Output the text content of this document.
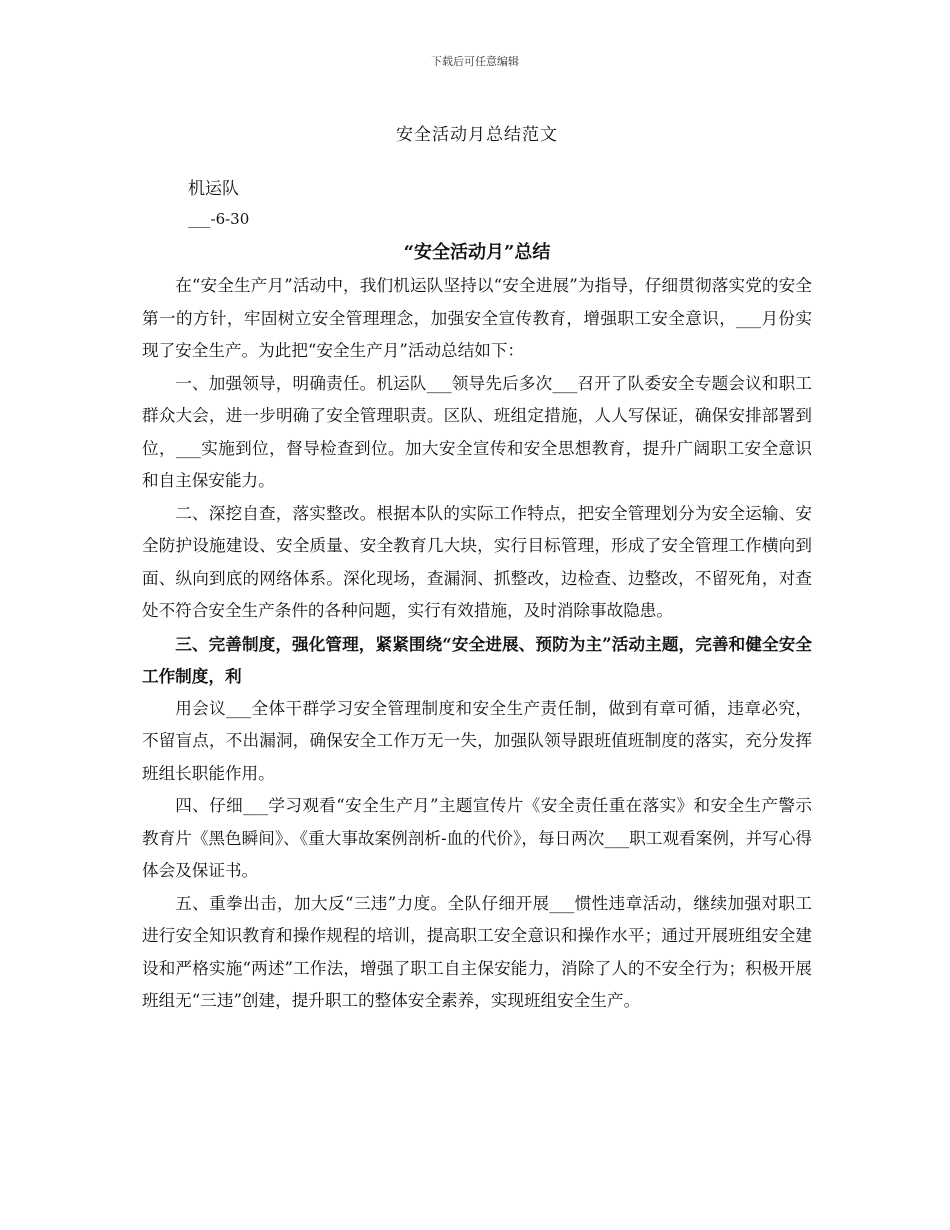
下载后可任意编辑
安全活动月总结范文
机运队
___-6-30
“安全活动月”总结

在“安全生产月”活动中，我们机运队坚持以“安全进展”为指导，仔细贯彻落实党的安全第一的方针，牢固树立安全管理理念，加强安全宣传教育，增强职工安全意识，___月份实现了安全生产。为此把“安全生产月”活动总结如下：

一、加强领导，明确责任。机运队___领导先后多次___召开了队委安全专题会议和职工群众大会，进一步明确了安全管理职责。区队、班组定措施，人人写保证，确保安排部署到位，___实施到位，督导检查到位。加大安全宣传和安全思想教育，提升广阔职工安全意识和自主保安能力。

二、深挖自查，落实整改。根据本队的实际工作特点，把安全管理划分为安全运输、安全防护设施建设、安全质量、安全教育几大块，实行目标管理，形成了安全管理工作横向到面、纵向到底的网络体系。深化现场，查漏洞、抓整改，边检查、边整改，不留死角，对查处不符合安全生产条件的各种问题，实行有效措施，及时消除事故隐患。

三、完善制度，强化管理，紧紧围绕“安全进展、预防为主”活动主题，完善和健全安全工作制度，利

用会议___全体干群学习安全管理制度和安全生产责任制，做到有章可循，违章必究，不留盲点，不出漏洞，确保安全工作万无一失，加强队领导跟班值班制度的落实，充分发挥班组长职能作用。

四、仔细___学习观看“安全生产月”主题宣传片《安全责任重在落实》和安全生产警示教育片《黑色瞬间》、《重大事故案例剖析-血的代价》，每日两次___职工观看案例，并写心得体会及保证书。

五、重拳出击，加大反“三违”力度。全队仔细开展___惯性违章活动，继续加强对职工进行安全知识教育和操作规程的培训，提高职工安全意识和操作水平；通过开展班组安全建设和严格实施“两述”工作法，增强了职工自主保安能力，消除了人的不安全行为；积极开展班组无“三违”创建，提升职工的整体安全素养，实现班组安全生产。
